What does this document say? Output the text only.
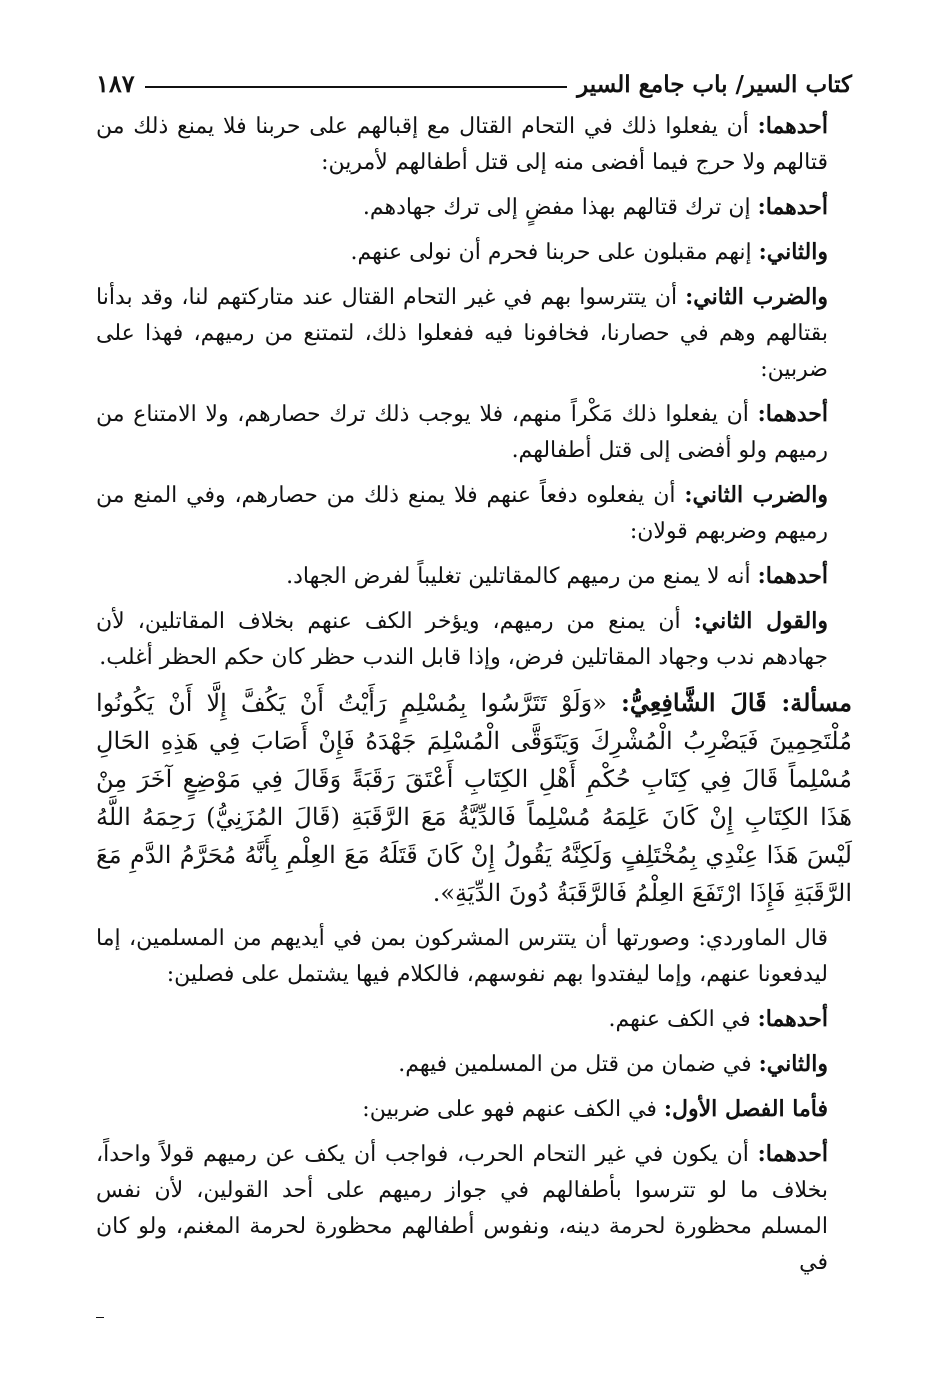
كتاب السير/ باب جامع السير
١٨٧

أحدهما: أن يفعلوا ذلك في التحام القتال مع إقبالهم على حربنا فلا يمنع ذلك من قتالهم ولا حرج فيما أفضى منه إلى قتل أطفالهم لأمرين:

أحدهما: إن ترك قتالهم بهذا مفضٍ إلى ترك جهادهم.

والثاني: إنهم مقبلون على حربنا فحرم أن نولى عنهم.

والضرب الثاني: أن يتترسوا بهم في غير التحام القتال عند متاركتهم لنا، وقد بدأنا بقتالهم وهم في حصارنا، فخافونا فيه ففعلوا ذلك، لتمتنع من رميهم، فهذا على ضربين:

أحدهما: أن يفعلوا ذلك مَكْراً منهم، فلا يوجب ذلك ترك حصارهم، ولا الامتناع من رميهم ولو أفضى إلى قتل أطفالهم.

والضرب الثاني: أن يفعلوه دفعاً عنهم فلا يمنع ذلك من حصارهم، وفي المنع من رميهم وضربهم قولان:

أحدهما: أنه لا يمنع من رميهم كالمقاتلين تغليباً لفرض الجهاد.

والقول الثاني: أن يمنع من رميهم، ويؤخر الكف عنهم بخلاف المقاتلين، لأن جهادهم ندب وجهاد المقاتلين فرض، وإذا قابل الندب حظر كان حكم الحظر أغلب.

مسألة: قَالَ الشَّافِعِيُّ: «وَلَوْ تَتَرَّسُوا بِمُسْلِمٍ رَأَيْتُ أَنْ يَكُفَّ إِلَّا أَنْ يَكُونُوا مُلْتَحِمِينَ فَيَضْرِبُ الْمُشْرِكَ وَيَتَوَقَّى الْمُسْلِمَ جَهْدَهُ فَإِنْ أَصَابَ فِي هَذِهِ الحَالِ مُسْلِماً قَالَ فِي كِتَابِ حُكْمِ أَهْلِ الكِتَابِ أَعْتَقَ رَقَبَةً وَقَالَ فِي مَوْضِعٍ آخَرَ مِنْ هَذَا الكِتَابِ إِنْ كَانَ عَلِمَهُ مُسْلِماً فَالدِّيَّةُ مَعَ الرَّقَبَةِ (قَالَ المُزَنِيُّ) رَحِمَهُ اللَّهُ لَيْسَ هَذَا عِنْدِي بِمُخْتَلِفٍ وَلَكِنَّهُ يَقُولُ إِنْ كَانَ قَتَلَهُ مَعَ العِلْمِ بِأَنَّهُ مُحَرَّمُ الدَّمِ مَعَ الرَّقَبَةِ فَإِذَا ارْتَفَعَ العِلْمُ فَالرَّقَبَةُ دُونَ الدِّيَةِ».

قال الماوردي: وصورتها أن يتترس المشركون بمن في أيديهم من المسلمين، إما ليدفعونا عنهم، وإما ليفتدوا بهم نفوسهم، فالكلام فيها يشتمل على فصلين:

أحدهما: في الكف عنهم.

والثاني: في ضمان من قتل من المسلمين فيهم.

فأما الفصل الأول: في الكف عنهم فهو على ضربين:

أحدهما: أن يكون في غير التحام الحرب، فواجب أن يكف عن رميهم قولاً واحداً، بخلاف ما لو تترسوا بأطفالهم في جواز رميهم على أحد القولين، لأن نفس المسلم محظورة لحرمة دينه، ونفوس أطفالهم محظورة لحرمة المغنم، ولو كان في
